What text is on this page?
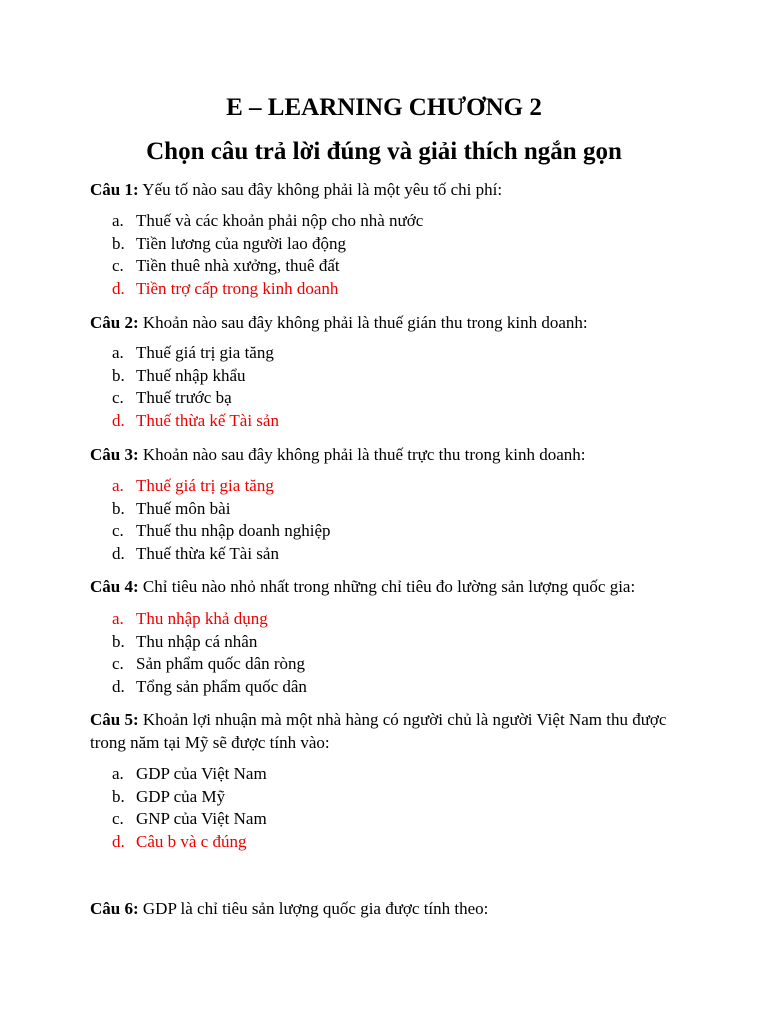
E – LEARNING CHƯƠNG 2
Chọn câu trả lời đúng và giải thích ngắn gọn

Câu 1: Yếu tố nào sau đây không phải là một yêu tố chi phí:

a. Thuế và các khoản phải nộp cho nhà nước
b. Tiền lương của người lao động
c. Tiền thuê nhà xưởng, thuê đất
d. Tiền trợ cấp trong kinh doanh

Câu 2: Khoản nào sau đây không phải là thuế gián thu trong kinh doanh:

a. Thuế giá trị gia tăng
b. Thuế nhập khẩu
c. Thuế trước bạ
d. Thuế thừa kế Tài sản

Câu 3: Khoản nào sau đây không phải là thuế trực thu trong kinh doanh:

a. Thuế giá trị gia tăng
b. Thuế môn bài
c. Thuế thu nhập doanh nghiệp
d. Thuế thừa kế Tài sản

Câu 4: Chỉ tiêu nào nhỏ nhất trong những chỉ tiêu đo lường sản lượng quốc gia:

a. Thu nhập khả dụng
b. Thu nhập cá nhân
c. Sản phẩm quốc dân ròng
d. Tổng sản phẩm quốc dân

Câu 5: Khoản lợi nhuận mà một nhà hàng có người chủ là người Việt Nam thu được trong năm tại Mỹ sẽ được tính vào:

a. GDP của Việt Nam
b. GDP của Mỹ
c. GNP của Việt Nam
d. Câu b và c đúng

Câu 6: GDP là chỉ tiêu sản lượng quốc gia được tính theo:
